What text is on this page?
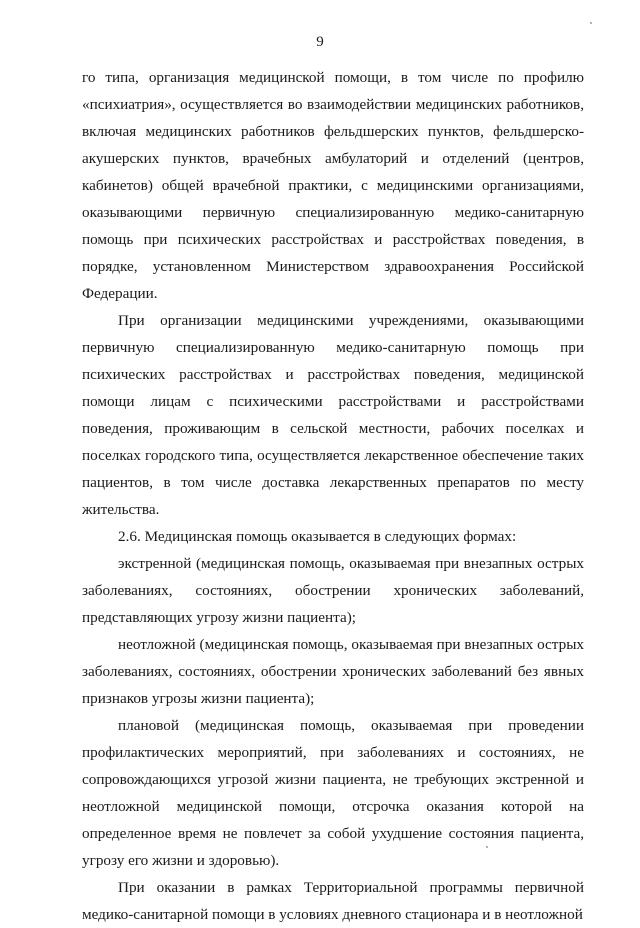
9

го типа, организация медицинской помощи, в том числе по профилю «психиатрия», осуществляется во взаимодействии медицинских работников, включая медицинских работников фельдшерских пунктов, фельдшерско-акушерских пунктов, врачебных амбулаторий и отделений (центров, кабинетов) общей врачебной практики, с медицинскими организациями, оказывающими первичную специализированную медико-санитарную помощь при психических расстройствах и расстройствах поведения, в порядке, установленном Министерством здравоохранения Российской Федерации.

При организации медицинскими учреждениями, оказывающими первичную специализированную медико-санитарную помощь при психических расстройствах и расстройствах поведения, медицинской помощи лицам с психическими расстройствами и расстройствами поведения, проживающим в сельской местности, рабочих поселках и поселках городского типа, осуществляется лекарственное обеспечение таких пациентов, в том числе доставка лекарственных препаратов по месту жительства.

2.6. Медицинская помощь оказывается в следующих формах:

экстренной (медицинская помощь, оказываемая при внезапных острых заболеваниях, состояниях, обострении хронических заболеваний, представляющих угрозу жизни пациента);

неотложной (медицинская помощь, оказываемая при внезапных острых заболеваниях, состояниях, обострении хронических заболеваний без явных признаков угрозы жизни пациента);

плановой (медицинская помощь, оказываемая при проведении профилактических мероприятий, при заболеваниях и состояниях, не сопровождающихся угрозой жизни пациента, не требующих экстренной и неотложной медицинской помощи, отсрочка оказания которой на определенное время не повлечет за собой ухудшение состояния пациента, угрозу его жизни и здоровью).

При оказании в рамках Территориальной программы первичной медико-санитарной помощи в условиях дневного стационара и в неотложной
